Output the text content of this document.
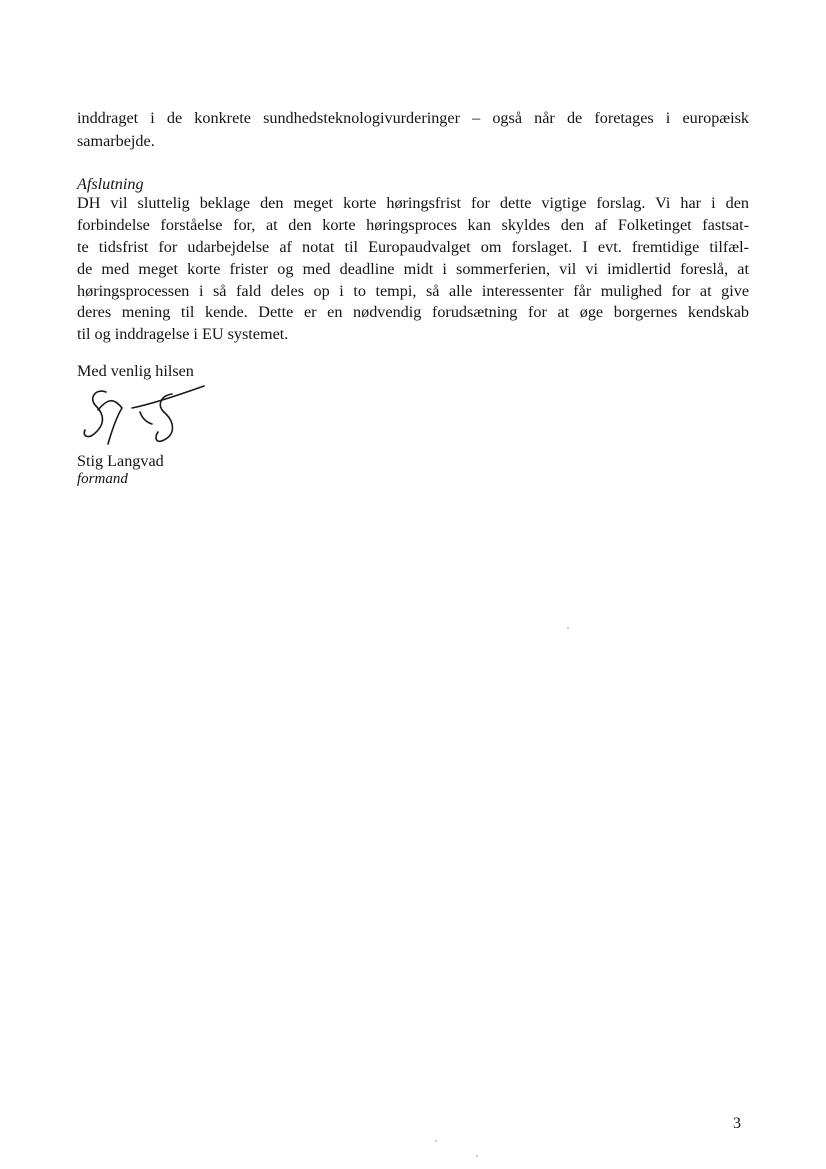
inddraget i de konkrete sundhedsteknologivurderinger – også når de foretages i europæisk
samarbejde.
Afslutning
DH vil sluttelig beklage den meget korte høringsfrist for dette vigtige forslag. Vi har i den
forbindelse forståelse for, at den korte høringsproces kan skyldes den af Folketinget fastsat-
te tidsfrist for udarbejdelse af notat til Europaudvalget om forslaget. I evt. fremtidige tilfæl-
de med meget korte frister og med deadline midt i sommerferien, vil vi imidlertid foreslå, at
høringsprocessen i så fald deles op i to tempi, så alle interessenter får mulighed for at give
deres mening til kende. Dette er en nødvendig forudsætning for at øge borgernes kendskab
til og inddragelse i EU systemet.
Med venlig hilsen
Stig Langvad
formand
3
